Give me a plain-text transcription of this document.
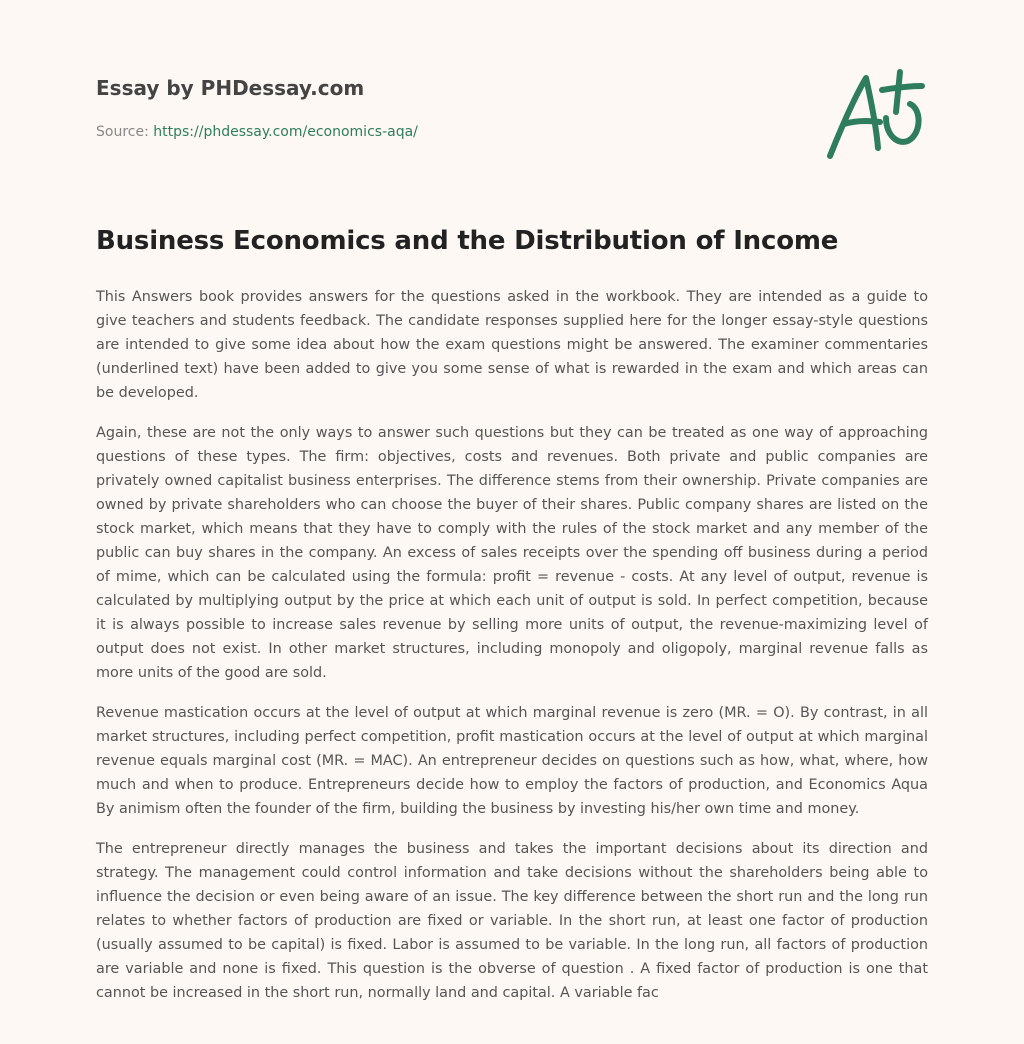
Essay by PHDessay.com
Source: https://phdessay.com/economics-aqa/
Business Economics and the Distribution of Income

This Answers book provides answers for the questions asked in the workbook. They are intended as a guide to give teachers and students feedback. The candidate responses supplied here for the longer essay-style questions are intended to give some idea about how the exam questions might be answered. The examiner commentaries (underlined text) have been added to give you some sense of what is rewarded in the exam and which areas can be developed.

Again, these are not the only ways to answer such questions but they can be treated as one way of approaching questions of these types. The firm: objectives, costs and revenues. Both private and public companies are privately owned capitalist business enterprises. The difference stems from their ownership. Private companies are owned by private shareholders who can choose the buyer of their shares. Public company shares are listed on the stock market, which means that they have to comply with the rules of the stock market and any member of the public can buy shares in the company. An excess of sales receipts over the spending off business during a period of mime, which can be calculated using the formula: profit = revenue - costs. At any level of output, revenue is calculated by multiplying output by the price at which each unit of output is sold. In perfect competition, because it is always possible to increase sales revenue by selling more units of output, the revenue-maximizing level of output does not exist. In other market structures, including monopoly and oligopoly, marginal revenue falls as more units of the good are sold.

Revenue mastication occurs at the level of output at which marginal revenue is zero (MR. = O). By contrast, in all market structures, including perfect competition, profit mastication occurs at the level of output at which marginal revenue equals marginal cost (MR. = MAC). An entrepreneur decides on questions such as how, what, where, how much and when to produce. Entrepreneurs decide how to employ the factors of production, and Economics Aqua By animism often the founder of the firm, building the business by investing his/her own time and money.

The entrepreneur directly manages the business and takes the important decisions about its direction and strategy. The management could control information and take decisions without the shareholders being able to influence the decision or even being aware of an issue. The key difference between the short run and the long run relates to whether factors of production are fixed or variable. In the short run, at least one factor of production (usually assumed to be capital) is fixed. Labor is assumed to be variable. In the long run, all factors of production are variable and none is fixed. This question is the obverse of question . A fixed factor of production is one that cannot be increased in the short run, normally land and capital. A variable fac
